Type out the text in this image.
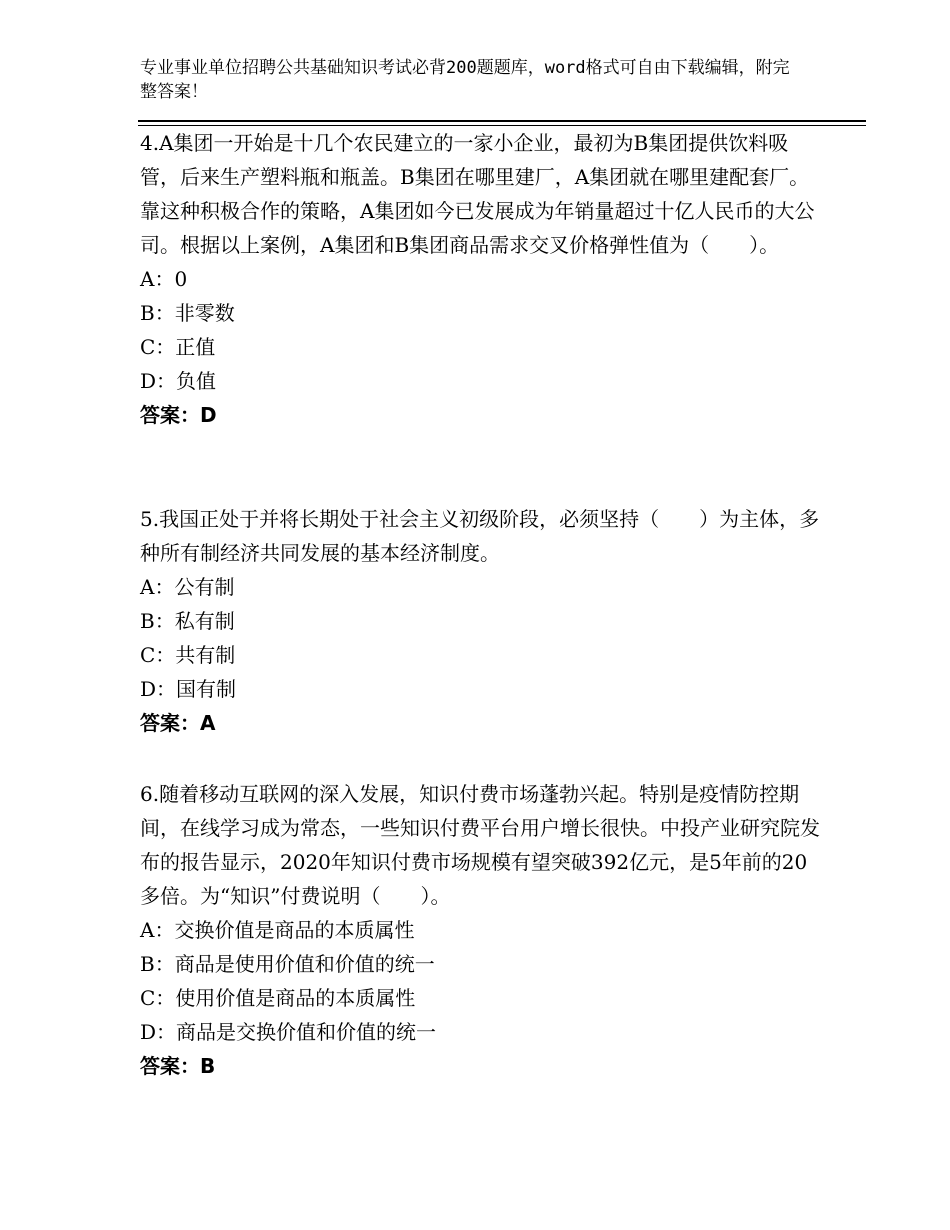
专业事业单位招聘公共基础知识考试必背200题题库，word格式可自由下载编辑，附完整答案！

4.A集团一开始是十几个农民建立的一家小企业，最初为B集团提供饮料吸管，后来生产塑料瓶和瓶盖。B集团在哪里建厂，A集团就在哪里建配套厂。靠这种积极合作的策略，A集团如今已发展成为年销量超过十亿人民币的大公司。根据以上案例，A集团和B集团商品需求交叉价格弹性值为（　　）。

A：0

B：非零数

C：正值

D：负值

答案：D

5.我国正处于并将长期处于社会主义初级阶段，必须坚持（　　）为主体，多种所有制经济共同发展的基本经济制度。

A：公有制

B：私有制

C：共有制

D：国有制

答案：A

6.随着移动互联网的深入发展，知识付费市场蓬勃兴起。特别是疫情防控期间，在线学习成为常态，一些知识付费平台用户增长很快。中投产业研究院发布的报告显示，2020年知识付费市场规模有望突破392亿元，是5年前的20多倍。为“知识”付费说明（　　）。

A：交换价值是商品的本质属性

B：商品是使用价值和价值的统一

C：使用价值是商品的本质属性

D：商品是交换价值和价值的统一

答案：B
